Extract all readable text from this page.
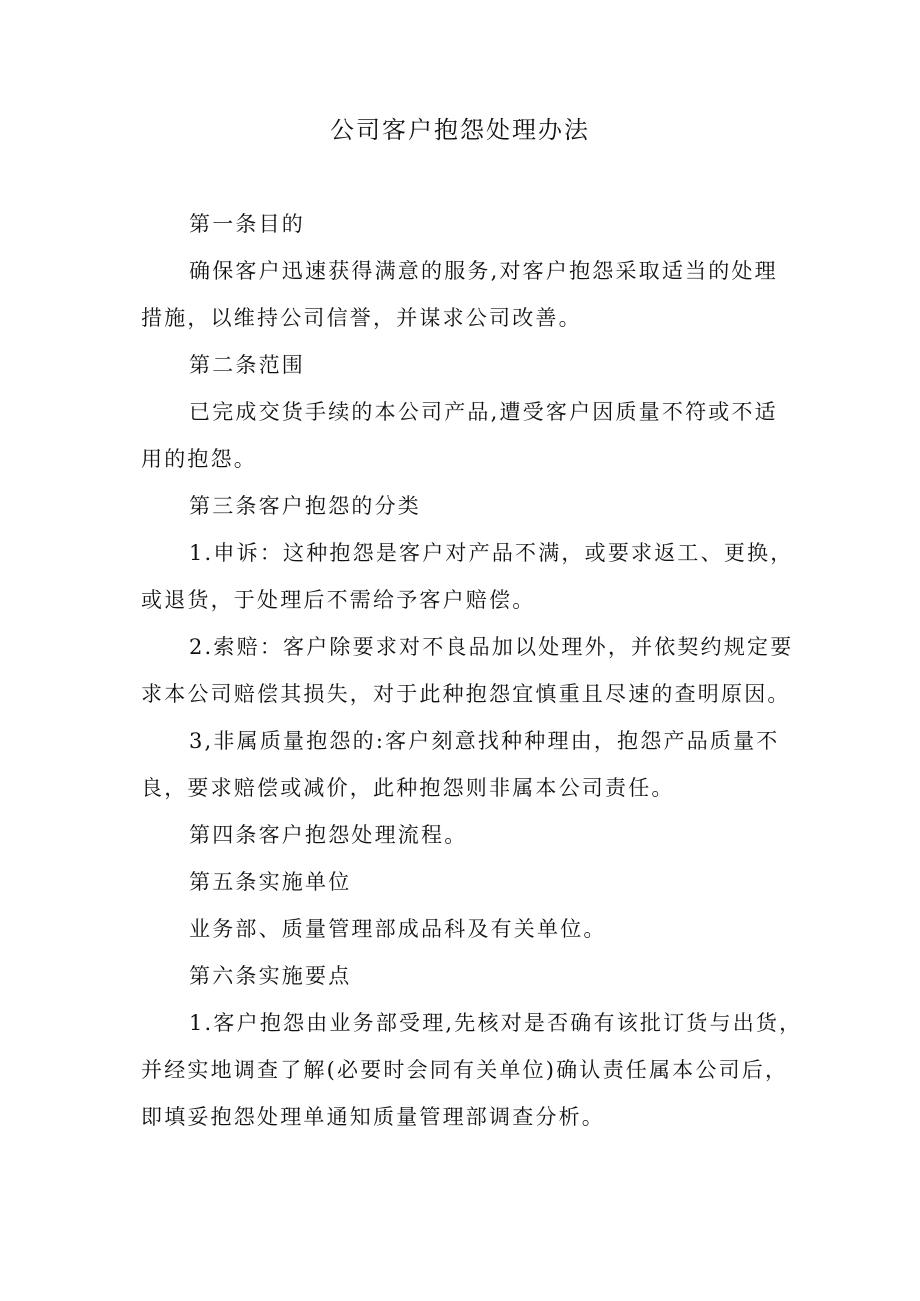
公司客户抱怨处理办法

第一条目的

确保客户迅速获得满意的服务,对客户抱怨采取适当的处理
措施，以维持公司信誉，并谋求公司改善。

第二条范围

已完成交货手续的本公司产品,遭受客户因质量不符或不适
用的抱怨。

第三条客户抱怨的分类

1.申诉：这种抱怨是客户对产品不满，或要求返工、更换，
或退货，于处理后不需给予客户赔偿。

2.索赔：客户除要求对不良品加以处理外，并依契约规定要
求本公司赔偿其损失，对于此种抱怨宜慎重且尽速的查明原因。

3,非属质量抱怨的:客户刻意找种种理由，抱怨产品质量不
良，要求赔偿或减价，此种抱怨则非属本公司责任。

第四条客户抱怨处理流程。

第五条实施单位

业务部、质量管理部成品科及有关单位。

第六条实施要点

1.客户抱怨由业务部受理,先核对是否确有该批订货与出货，
并经实地调查了解(必要时会同有关单位)确认责任属本公司后，
即填妥抱怨处理单通知质量管理部调查分析。
